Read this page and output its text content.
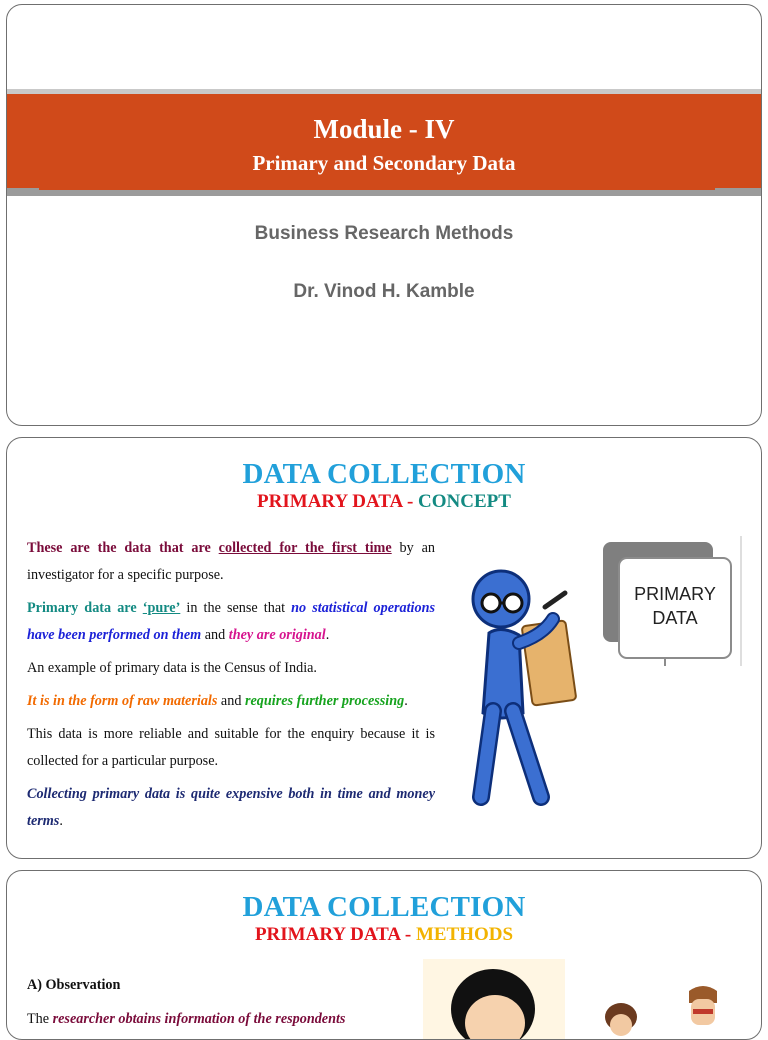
Module - IV
Primary and Secondary Data
Business Research Methods
Dr. Vinod H. Kamble
DATA COLLECTION
PRIMARY DATA - CONCEPT

These are the data that are collected for the first time by an investigator for a specific purpose.

Primary data are ‘pure’ in the sense that no statistical operations have been performed on them and they are original.

An example of primary data is the Census of India.

It is in the form of raw materials and requires further processing.

This data is more reliable and suitable for the enquiry because it is collected for a particular purpose.

Collecting primary data is quite expensive both in time and money terms.

PRIMARY
DATA
DATA COLLECTION
PRIMARY DATA - METHODS
A) Observation

The researcher obtains information of the respondents
